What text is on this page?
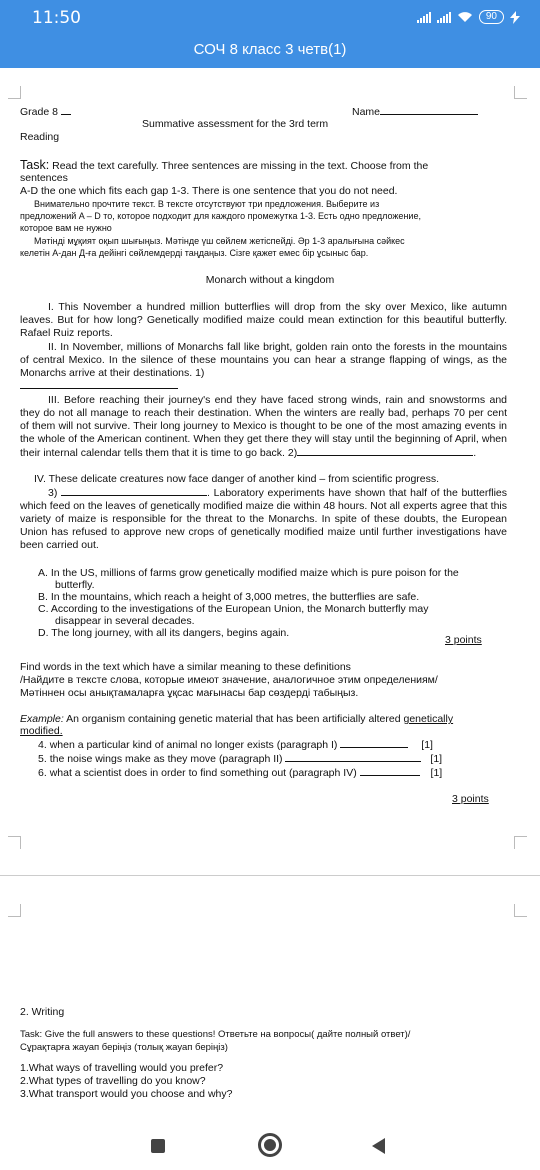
11:50	90
СОЧ 8 класс 3 четв(1)
Grade 8	Name
Summative assessment for the 3rd term
Reading
Task: Read the text carefully. Three sentences are missing in the text. Choose from the
sentences
A-D the one which fits each gap 1-3. There is one sentence that you do not need.
Внимательно прочтите текст. В тексте отсутствуют три предложения. Выберите из
предложений A – D то, которое подходит для каждого промежутка 1-3. Есть одно предложение,
которое вам не нужно
Мәтінді мұқият оқып шығыңыз. Мәтінде үш сөйлем жетіспейді. Әр 1-3 аралығына сәйкес
келетін А-дан Д-ға дейінгі сөйлемдерді таңдаңыз. Сізге қажет емес бір ұсыныс бар.
Monarch without a kingdom
I. This November a hundred million butterflies will drop from the sky over Mexico, like autumn leaves. But for how long? Genetically modified maize could mean extinction for this beautiful butterfly. Rafael Ruiz reports.
II. In November, millions of Monarchs fall like bright, golden rain onto the forests in the mountains of central Mexico. In the silence of these mountains you can hear a strange flapping of wings, as the Monarchs arrive at their destinations. 1)
III. Before reaching their journey's end they have faced strong winds, rain and snowstorms and they do not all manage to reach their destination. When the winters are really bad, perhaps 70 per cent of them will not survive. Their long journey to Mexico is thought to be one of the most amazing events in the whole of the American continent. When they get there they will stay until the beginning of April, when their internal calendar tells them that it is time to go back. 2)	.
IV. These delicate creatures now face danger of another kind – from scientific progress.
3)	. Laboratory experiments have shown that half of the butterflies which feed on the leaves of genetically modified maize die within 48 hours. Not all experts agree that this variety of maize is responsible for the threat to the Monarchs. In spite of these doubts, the European Union has refused to approve new crops of genetically modified maize until further investigations have been carried out.
A. In the US, millions of farms grow genetically modified maize which is pure poison for the
butterfly.
B. In the mountains, which reach a height of 3,000 metres, the butterflies are safe.
C. According to the investigations of the European Union, the Monarch butterfly may
disappear in several decades.
D. The long journey, with all its dangers, begins again.
3 points
Find words in the text which have a similar meaning to these definitions
/Найдите в тексте слова, которые имеют значение, аналогичное этим определениям/
Мәтіннен осы анықтамаларға ұқсас мағынасы бар сөздерді табыңыз.
Example: An organism containing genetic material that has been artificially altered genetically
modified.
4. when a particular kind of animal no longer exists (paragraph I)	[1]
5. the noise wings make as they move (paragraph II)	[1]
6. what a scientist does in order to find something out (paragraph IV)	[1]
3 points
2. Writing
Task: Give the full answers to these questions! Ответьте на вопросы( дайте полный ответ)/
Сұрақтарға жауап беріңіз (толық жауап беріңіз)
1.What ways of travelling would you prefer?
2.What types of travelling do you know?
3.What transport would you choose and why?
